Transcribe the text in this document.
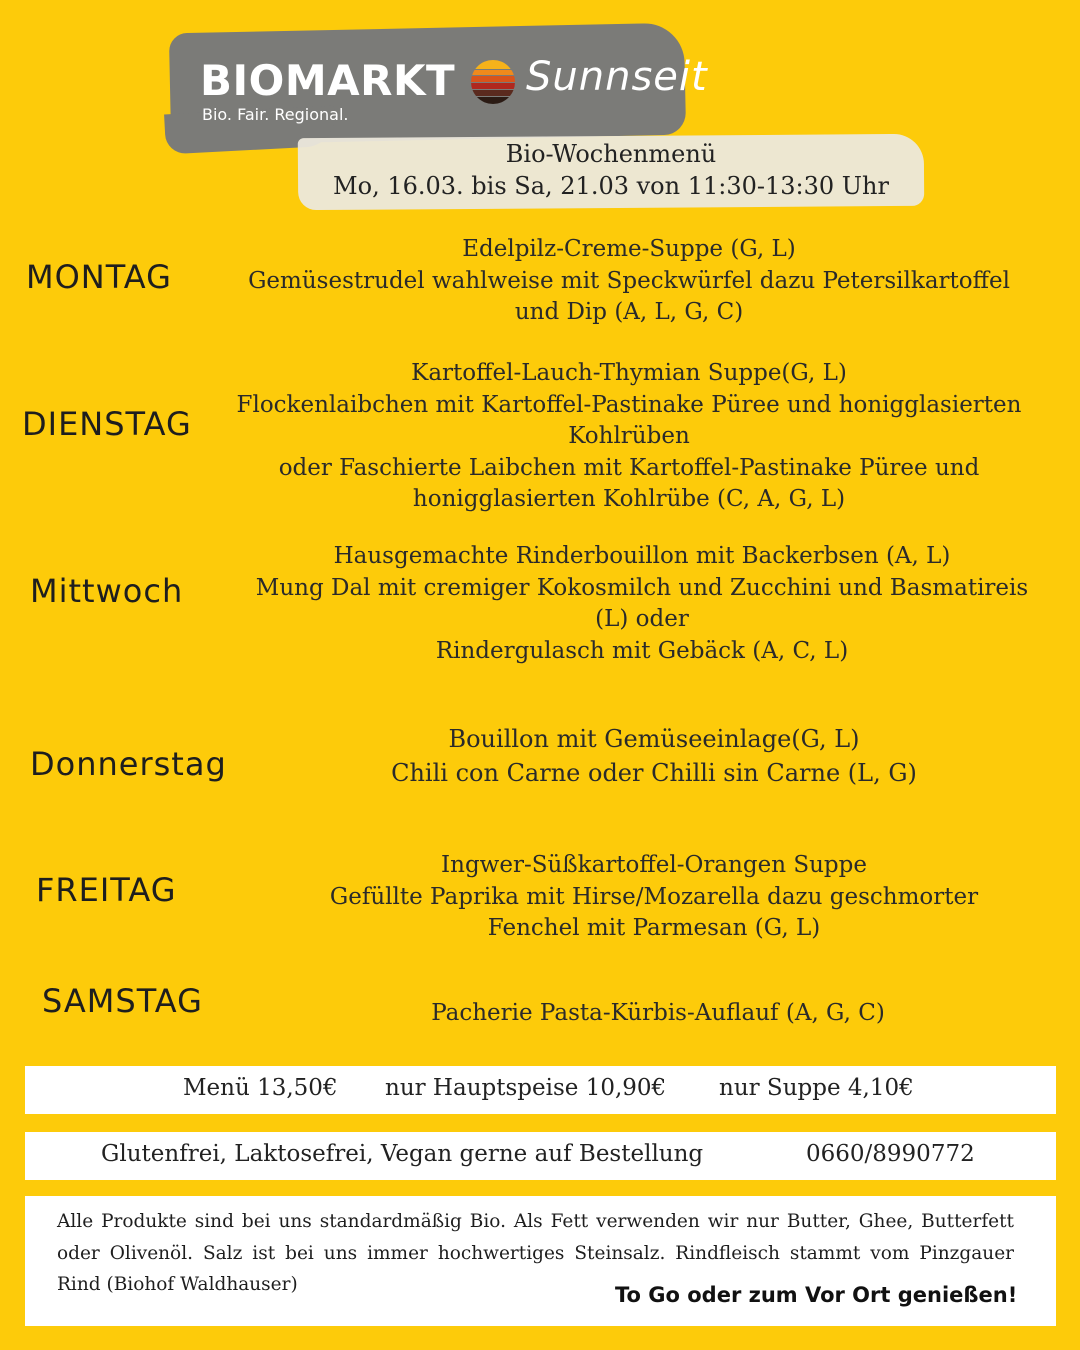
BIOMARKT Sunnseit
Bio. Fair. Regional.
Bio-Wochenmenü
Mo, 16.03. bis Sa, 21.03 von 11:30-13:30 Uhr
MONTAG
Edelpilz-Creme-Suppe (G, L)
Gemüsestrudel wahlweise mit Speckwürfel dazu Petersilkartoffel
und Dip (A, L, G, C)
DIENSTAG
Kartoffel-Lauch-Thymian Suppe(G, L)
Flockenlaibchen mit Kartoffel-Pastinake Püree und honigglasierten
Kohlrüben
oder Faschierte Laibchen mit Kartoffel-Pastinake Püree und
honigglasierten Kohlrübe (C, A, G, L)
Mittwoch
Hausgemachte Rinderbouillon mit Backerbsen (A, L)
Mung Dal mit cremiger Kokosmilch und Zucchini und Basmatireis
(L) oder
Rindergulasch mit Gebäck (A, C, L)
Donnerstag
Bouillon mit Gemüseeinlage(G, L)
Chili con Carne oder Chilli sin Carne (L, G)
FREITAG
Ingwer-Süßkartoffel-Orangen Suppe
Gefüllte Paprika mit Hirse/Mozarella dazu geschmorter
Fenchel mit Parmesan (G, L)
SAMSTAG	Pacherie Pasta-Kürbis-Auflauf (A, G, C)
Menü 13,50€ nur Hauptspeise 10,90€ nur Suppe 4,10€
Glutenfrei, Laktosefrei, Vegan gerne auf Bestellung	0660/8990772
Alle Produkte sind bei uns standardmäßig Bio. Als Fett verwenden wir nur Butter, Ghee, Butterfett oder Olivenöl. Salz ist bei uns immer hochwertiges Steinsalz. Rindfleisch stammt vom Pinzgauer Rind (Biohof Waldhauser)	To Go oder zum Vor Ort genießen!
